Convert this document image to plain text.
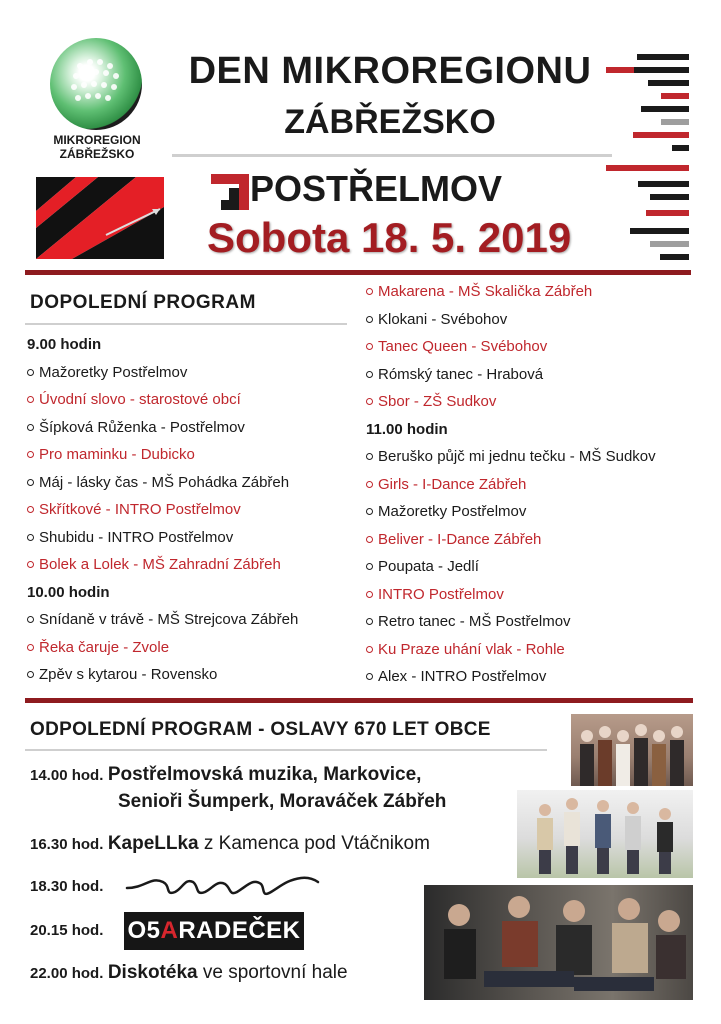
MIKROREGION
ZÁBŘEŽSKO
DEN MIKROREGIONU
ZÁBŘEŽSKO
POSTŘELMOV
Sobota 18. 5. 2019
DOPOLEDNÍ PROGRAM
9.00 hodin
Mažoretky Postřelmov
Úvodní slovo - starostové obcí
Šípková Růženka - Postřelmov
Pro maminku - Dubicko
Máj - lásky čas - MŠ Pohádka Zábřeh
Skřítkové - INTRO Postřelmov
Shubidu - INTRO Postřelmov
Bolek a Lolek - MŠ Zahradní Zábřeh
10.00 hodin
Snídaně v trávě - MŠ Strejcova Zábřeh
Řeka čaruje - Zvole
Zpěv s kytarou - Rovensko
Makarena - MŠ Skalička Zábřeh
Klokani - Svébohov
Tanec Queen - Svébohov
Rómský tanec - Hrabová
Sbor - ZŠ Sudkov
11.00 hodin
Beruško půjč mi jednu tečku - MŠ Sudkov
Girls - I-Dance Zábřeh
Mažoretky Postřelmov
Beliver - I-Dance Zábřeh
Poupata - Jedlí
INTRO Postřelmov
Retro tanec - MŠ Postřelmov
Ku Praze uhání vlak - Rohle
Alex - INTRO Postřelmov
ODPOLEDNÍ PROGRAM - OSLAVY 670 LET OBCE
14.00 hod. Postřelmovská muzika, Markovice,
Senioři Šumperk, Moraváček Zábřeh
16.30 hod. KapeLLka z Kamenca pod Vtáčnikom
18.30 hod.
20.15 hod. O5ARADEČEK
22.00 hod. Diskotéka ve sportovní hale
